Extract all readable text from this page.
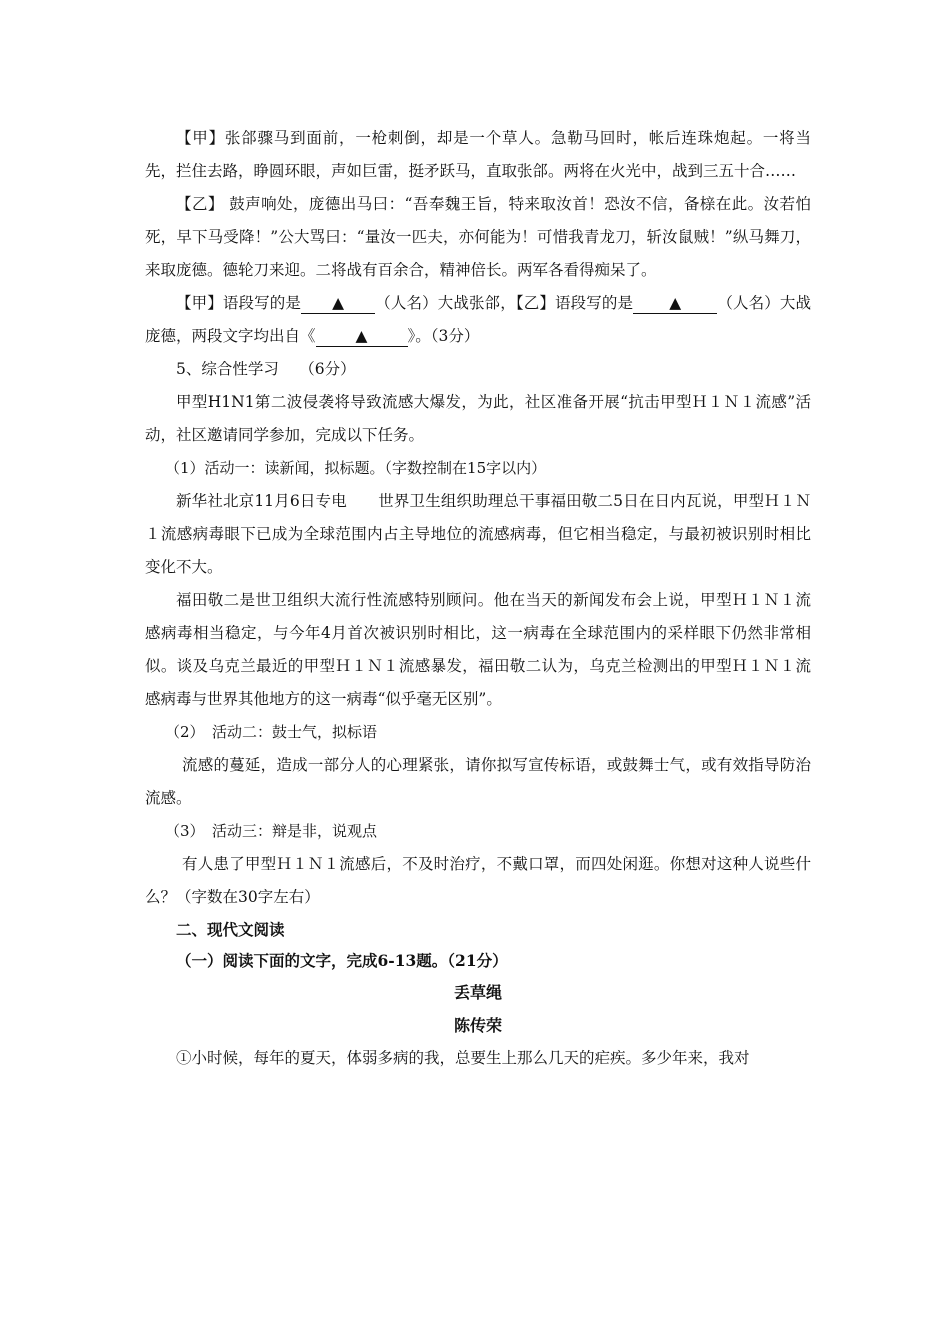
【甲】张郃骤马到面前，一枪刺倒，却是一个草人。急勒马回时，帐后连珠炮起。一将当先，拦住去路，睁圆环眼，声如巨雷，挺矛跃马，直取张郃。两将在火光中，战到三五十合……

【乙】 鼓声响处，庞德出马曰：“吾奉魏王旨，特来取汝首！恐汝不信，备榇在此。汝若怕死，早下马受降！”公大骂曰：“量汝一匹夫，亦何能为！可惜我青龙刀，斩汝鼠贼！”纵马舞刀，来取庞德。德轮刀来迎。二将战有百余合，精神倍长。两军各看得痴呆了。

【甲】语段写的是 ▲ （人名）大战张郃，【乙】语段写的是 ▲ （人名）大战庞德，两段文字均出自《	▲	》。（3分）

5、综合性学习　 （6分）

甲型H1N1第二波侵袭将导致流感大爆发，为此，社区准备开展“抗击甲型Ｈ１Ｎ１流感”活动，社区邀请同学参加，完成以下任务。

（1）活动一：读新闻，拟标题。（字数控制在15字以内）

新华社北京11月6日专电　　世界卫生组织助理总干事福田敬二5日在日内瓦说，甲型Ｈ１Ｎ１流感病毒眼下已成为全球范围内占主导地位的流感病毒，但它相当稳定，与最初被识别时相比变化不大。

福田敬二是世卫组织大流行性流感特别顾问。他在当天的新闻发布会上说，甲型Ｈ１Ｎ１流感病毒相当稳定，与今年4月首次被识别时相比，这一病毒在全球范围内的采样眼下仍然非常相似。谈及乌克兰最近的甲型Ｈ１Ｎ１流感暴发，福田敬二认为，乌克兰检测出的甲型Ｈ１Ｎ１流感病毒与世界其他地方的这一病毒“似乎毫无区别”。

（2）　活动二：鼓士气，拟标语

流感的蔓延，造成一部分人的心理紧张，请你拟写宣传标语，或鼓舞士气，或有效指导防治流感。

（3）　活动三：辩是非，说观点

有人患了甲型Ｈ１Ｎ１流感后，不及时治疗，不戴口罩，而四处闲逛。你想对这种人说些什么？（字数在30字左右）

二、现代文阅读

（一）阅读下面的文字，完成6-13题。（21分）

丢草绳

陈传荣

①小时候，每年的夏天，体弱多病的我，总要生上那么几天的疟疾。多少年来，我对
